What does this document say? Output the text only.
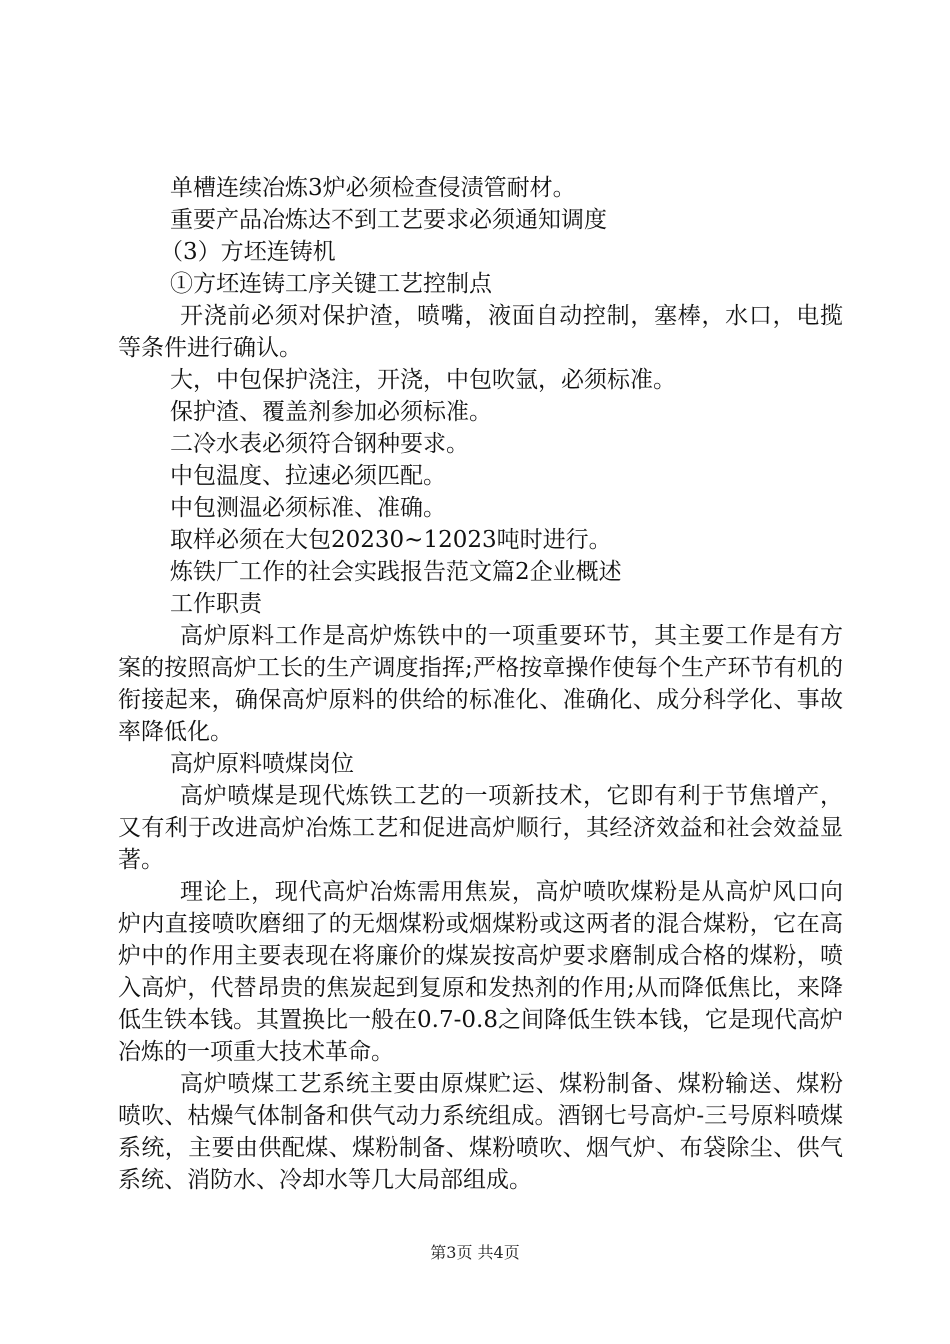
单槽连续冶炼3炉必须检查侵渍管耐材。

重要产品冶炼达不到工艺要求必须通知调度

（3）方坯连铸机

①方坯连铸工序关键工艺控制点

开浇前必须对保护渣，喷嘴，液面自动控制，塞棒，水口，电揽等条件进行确认。

大，中包保护浇注，开浇，中包吹氩，必须标准。

保护渣、覆盖剂参加必须标准。

二冷水表必须符合钢种要求。

中包温度、拉速必须匹配。

中包测温必须标准、准确。

取样必须在大包20230~12023吨时进行。

炼铁厂工作的社会实践报告范文篇2企业概述

工作职责

高炉原料工作是高炉炼铁中的一项重要环节，其主要工作是有方案的按照高炉工长的生产调度指挥;严格按章操作使每个生产环节有机的衔接起来，确保高炉原料的供给的标准化、准确化、成分科学化、事故率降低化。

高炉原料喷煤岗位

高炉喷煤是现代炼铁工艺的一项新技术，它即有利于节焦增产，又有利于改进高炉冶炼工艺和促进高炉顺行，其经济效益和社会效益显著。

理论上，现代高炉冶炼需用焦炭，高炉喷吹煤粉是从高炉风口向炉内直接喷吹磨细了的无烟煤粉或烟煤粉或这两者的混合煤粉，它在高炉中的作用主要表现在将廉价的煤炭按高炉要求磨制成合格的煤粉，喷入高炉，代替昂贵的焦炭起到复原和发热剂的作用;从而降低焦比，来降低生铁本钱。其置换比一般在0.7-0.8之间降低生铁本钱，它是现代高炉冶炼的一项重大技术革命。

高炉喷煤工艺系统主要由原煤贮运、煤粉制备、煤粉输送、煤粉喷吹、枯燥气体制备和供气动力系统组成。酒钢七号高炉-三号原料喷煤系统，主要由供配煤、煤粉制备、煤粉喷吹、烟气炉、布袋除尘、供气系统、消防水、冷却水等几大局部组成。

第3页 共4页
